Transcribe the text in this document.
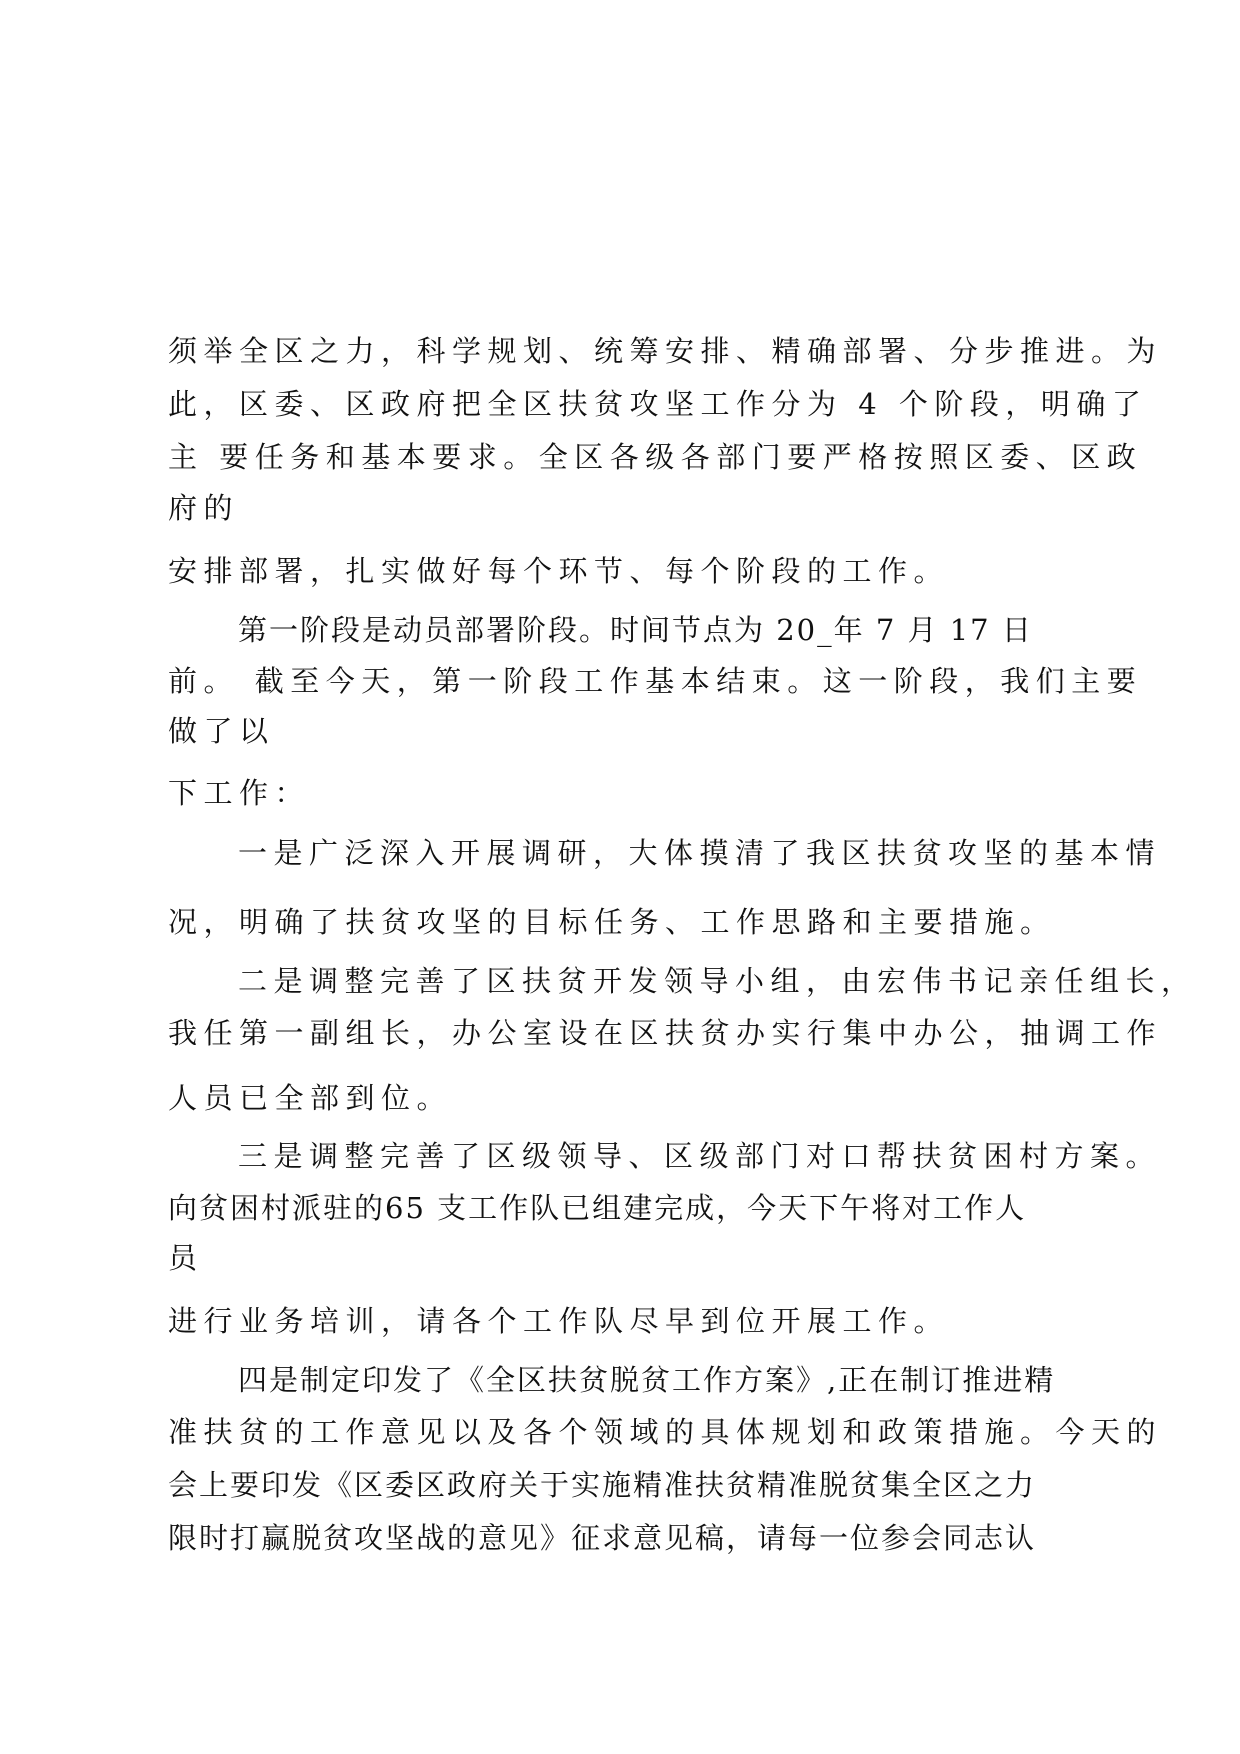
须举全区之力，科学规划、统筹安排、精确部署、分步推进。为
此，区委、区政府把全区扶贫攻坚工作分为 4 个阶段，明确了
主 要任务和基本要求。全区各级各部门要严格按照区委、区政
府的
安排部署，扎实做好每个环节、每个阶段的工作。
第一阶段是动员部署阶段。时间节点为 20_年 7 月 17 日
前。 截至今天，第一阶段工作基本结束。这一阶段，我们主要
做了以
下工作：
一是广泛深入开展调研，大体摸清了我区扶贫攻坚的基本情
况，明确了扶贫攻坚的目标任务、工作思路和主要措施。
二是调整完善了区扶贫开发领导小组，由宏伟书记亲任组长，
我任第一副组长，办公室设在区扶贫办实行集中办公，抽调工作
人员已全部到位。
三是调整完善了区级领导、区级部门对口帮扶贫困村方案。
向贫困村派驻的65 支工作队已组建完成，今天下午将对工作人
员
进行业务培训，请各个工作队尽早到位开展工作。
四是制定印发了《全区扶贫脱贫工作方案》,正在制订推进精
准扶贫的工作意见以及各个领域的具体规划和政策措施。今天的
会上要印发《区委区政府关于实施精准扶贫精准脱贫集全区之力
限时打赢脱贫攻坚战的意见》征求意见稿，请每一位参会同志认
